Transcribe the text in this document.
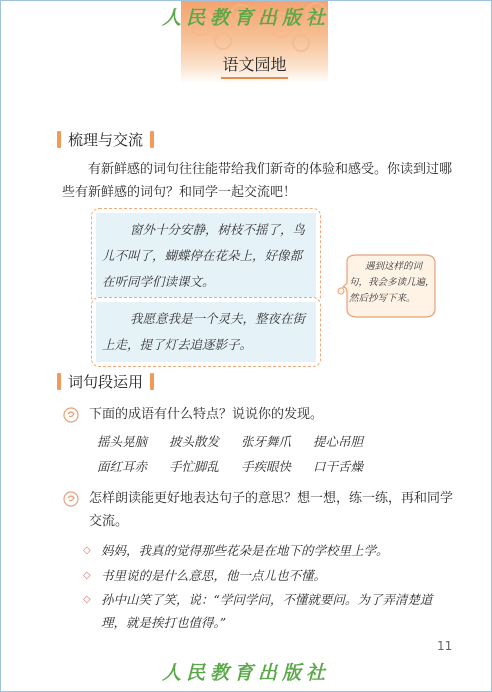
语文园地
人民教育出版社
梳理与交流

有新鲜感的词句往往能带给我们新奇的体验和感受。你读到过哪些有新鲜感的词句？和同学一起交流吧！

窗外十分安静，树枝不摇了，鸟儿不叫了，蝴蝶停在花朵上，好像都在听同学们读课文。
我愿意我是一个灵夫，整夜在街上走，提了灯去追逐影子。
遇到这样的词句，我会多读几遍，然后抄写下来。
词句段运用
下面的成语有什么特点？说说你的发现。
摇头晃脑	披头散发	张牙舞爪	提心吊胆
面红耳赤	手忙脚乱	手疾眼快	口干舌燥
怎样朗读能更好地表达句子的意思？想一想，练一练，再和同学交流。
◇ 妈妈，我真的觉得那些花朵是在地下的学校里上学。
◇ 书里说的是什么意思，他一点儿也不懂。
◇ 孙中山笑了笑，说：“学问学问，不懂就要问。为了弄清楚道理，就是挨打也值得。”
11
人民教育出版社
